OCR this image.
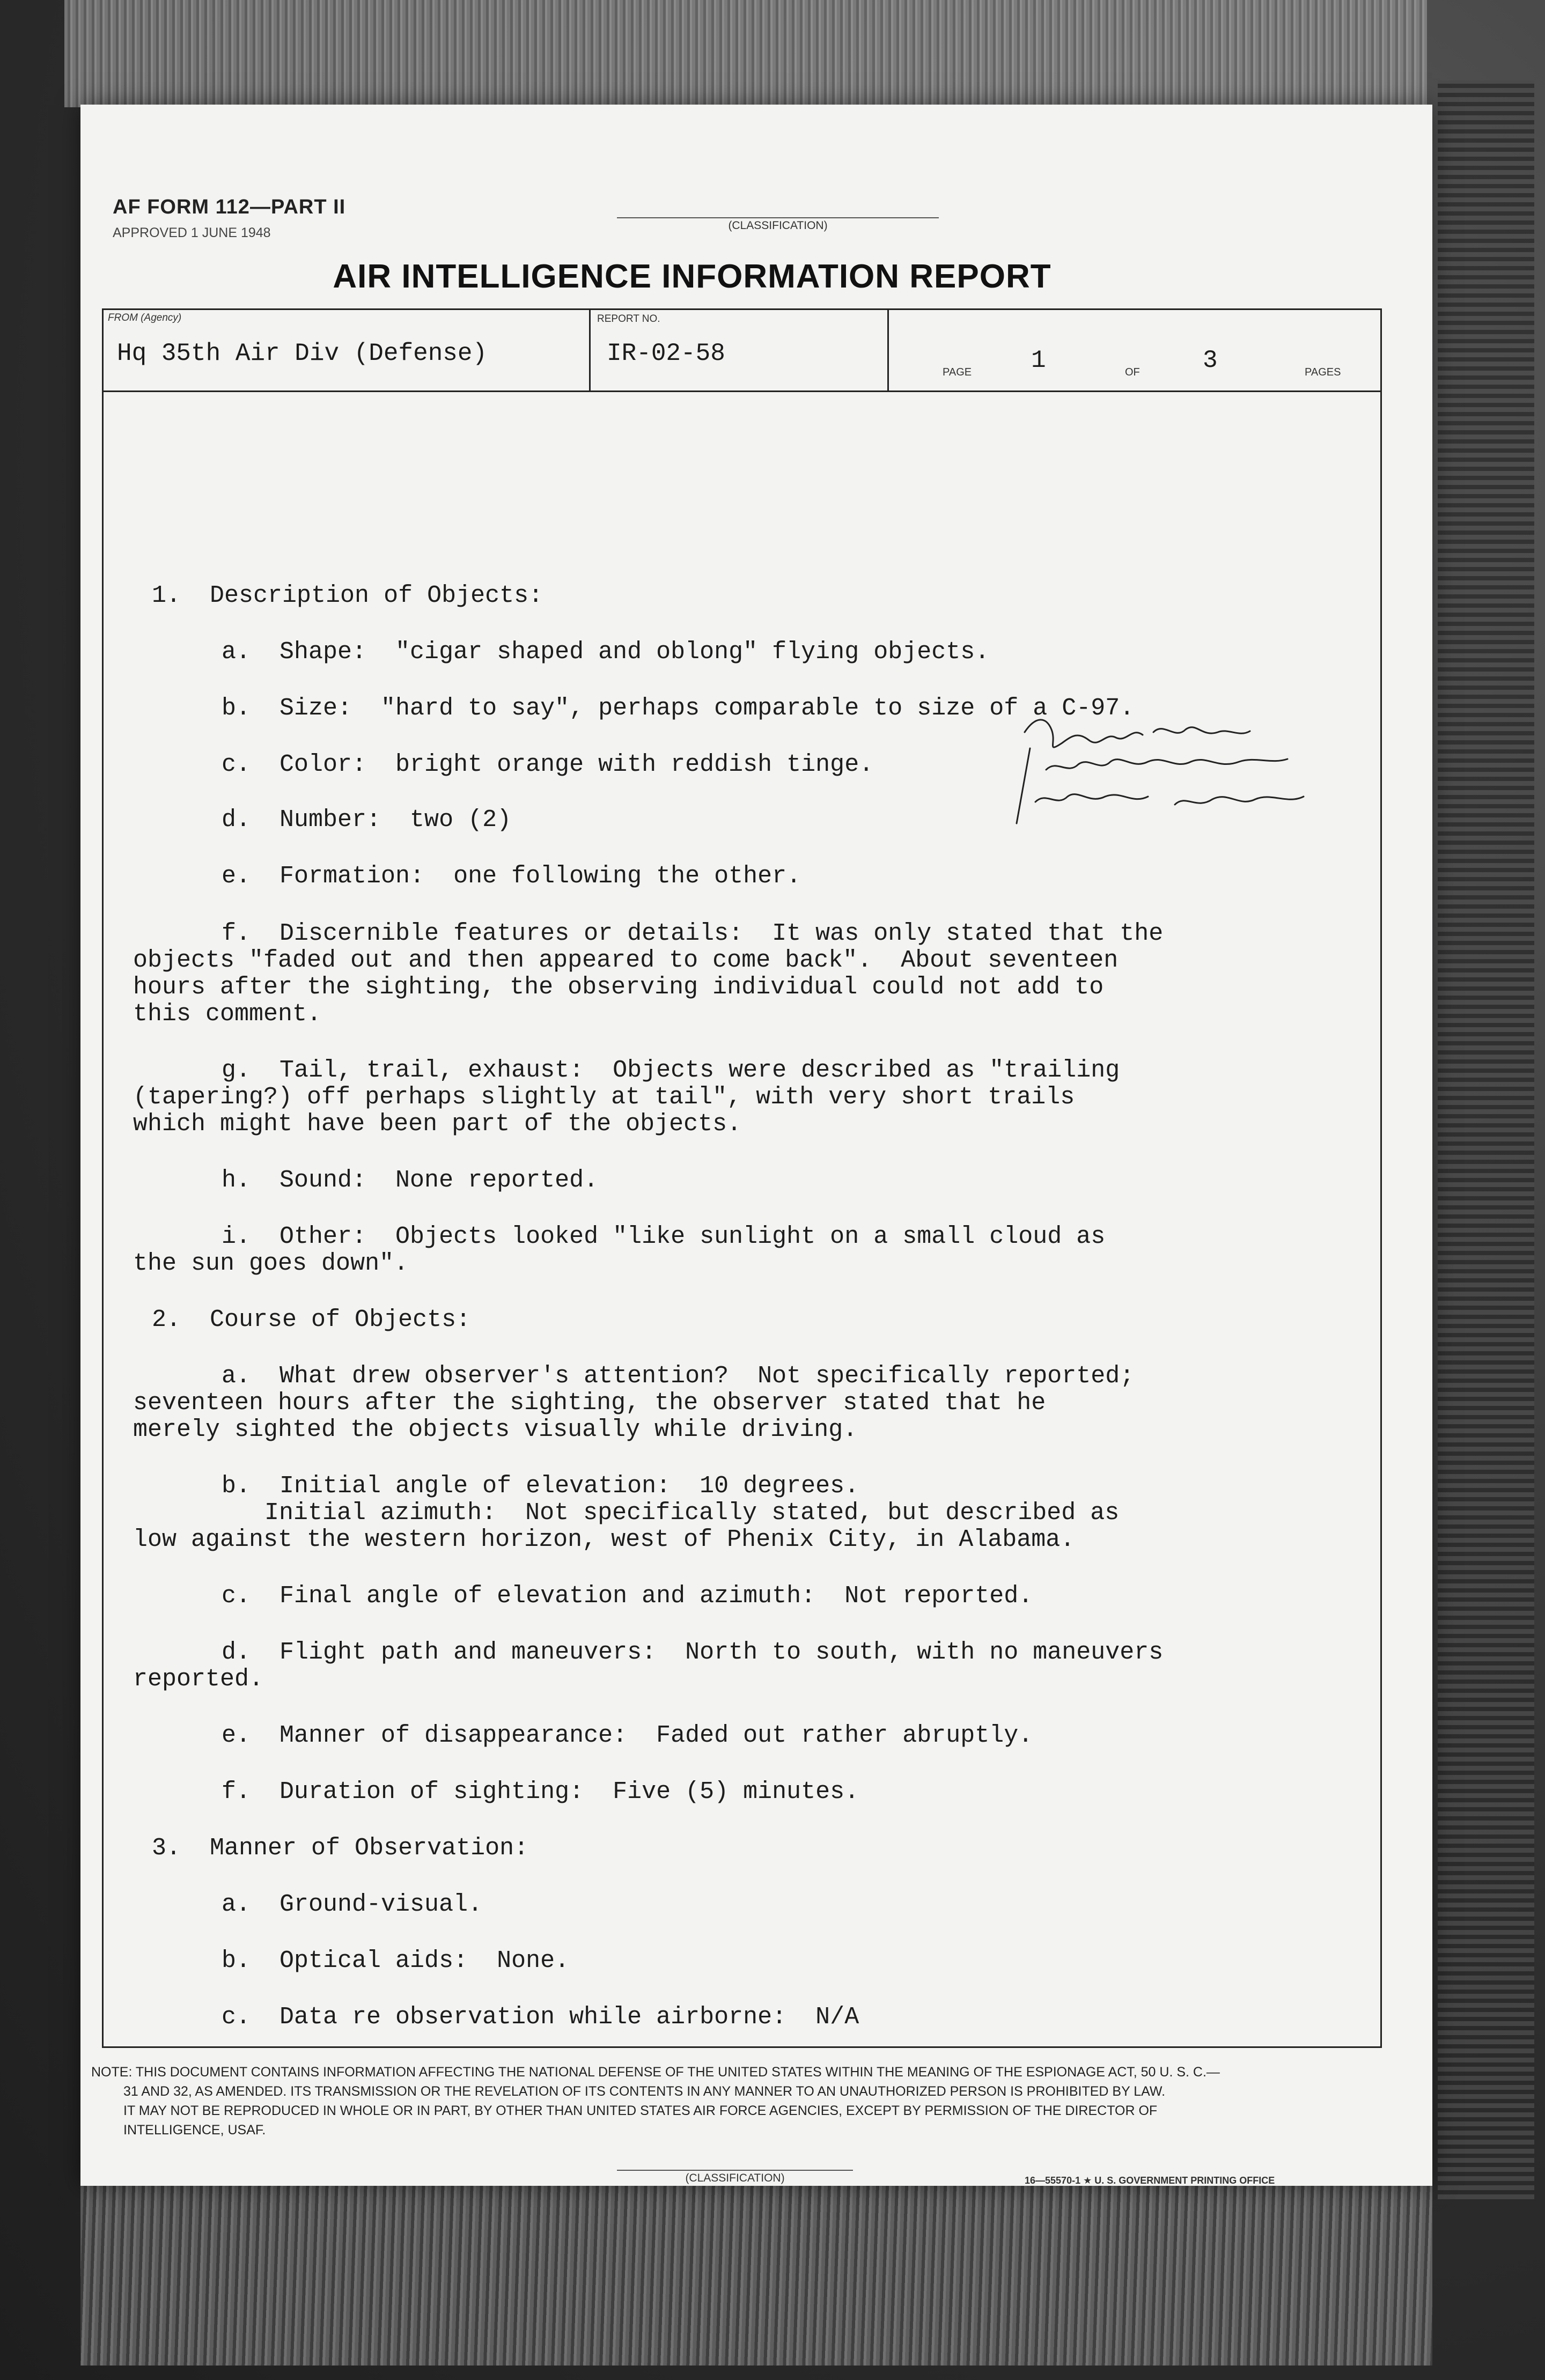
AF FORM 112—PART II
APPROVED 1 JUNE 1948	(CLASSIFICATION)
AIR INTELLIGENCE INFORMATION REPORT
FROM (Agency)
Hq 35th Air Div (Defense)
REPORT NO.
IR-02-58
PAGE 1	OF	3	PAGES
1.  Description of Objects:
a.  Shape:  "cigar shaped and oblong" flying objects.
b.  Size:  "hard to say", perhaps comparable to size of a C-97.
c.  Color:  bright orange with reddish tinge.
d.  Number:  two (2)
e.  Formation:  one following the other.
f.  Discernible features or details:  It was only stated that the
objects "faded out and then appeared to come back".  About seventeen
hours after the sighting, the observing individual could not add to
this comment.
g.  Tail, trail, exhaust:  Objects were described as "trailing
(tapering?) off perhaps slightly at tail", with very short trails
which might have been part of the objects.
h.  Sound:  None reported.
i.  Other:  Objects looked "like sunlight on a small cloud as
the sun goes down".
2.  Course of Objects:
a.  What drew observer's attention?  Not specifically reported;
seventeen hours after the sighting, the observer stated that he
merely sighted the objects visually while driving.
b.  Initial angle of elevation:  10 degrees.
Initial azimuth:  Not specifically stated, but described as
low against the western horizon, west of Phenix City, in Alabama.
c.  Final angle of elevation and azimuth:  Not reported.
d.  Flight path and maneuvers:  North to south, with no maneuvers
reported.
e.  Manner of disappearance:  Faded out rather abruptly.
f.  Duration of sighting:  Five (5) minutes.
3.  Manner of Observation:
a.  Ground-visual.
b.  Optical aids:  None.
c.  Data re observation while airborne:  N/A

NOTE: THIS DOCUMENT CONTAINS INFORMATION AFFECTING THE NATIONAL DEFENSE OF THE UNITED STATES WITHIN THE MEANING OF THE ESPIONAGE ACT, 50 U. S. C.—

31 AND 32, AS AMENDED. ITS TRANSMISSION OR THE REVELATION OF ITS CONTENTS IN ANY MANNER TO AN UNAUTHORIZED PERSON IS PROHIBITED BY LAW.

IT MAY NOT BE REPRODUCED IN WHOLE OR IN PART, BY OTHER THAN UNITED STATES AIR FORCE AGENCIES, EXCEPT BY PERMISSION OF THE DIRECTOR OF

INTELLIGENCE, USAF.

(CLASSIFICATION)	16—55570-1 ★ U. S. GOVERNMENT PRINTING OFFICE
